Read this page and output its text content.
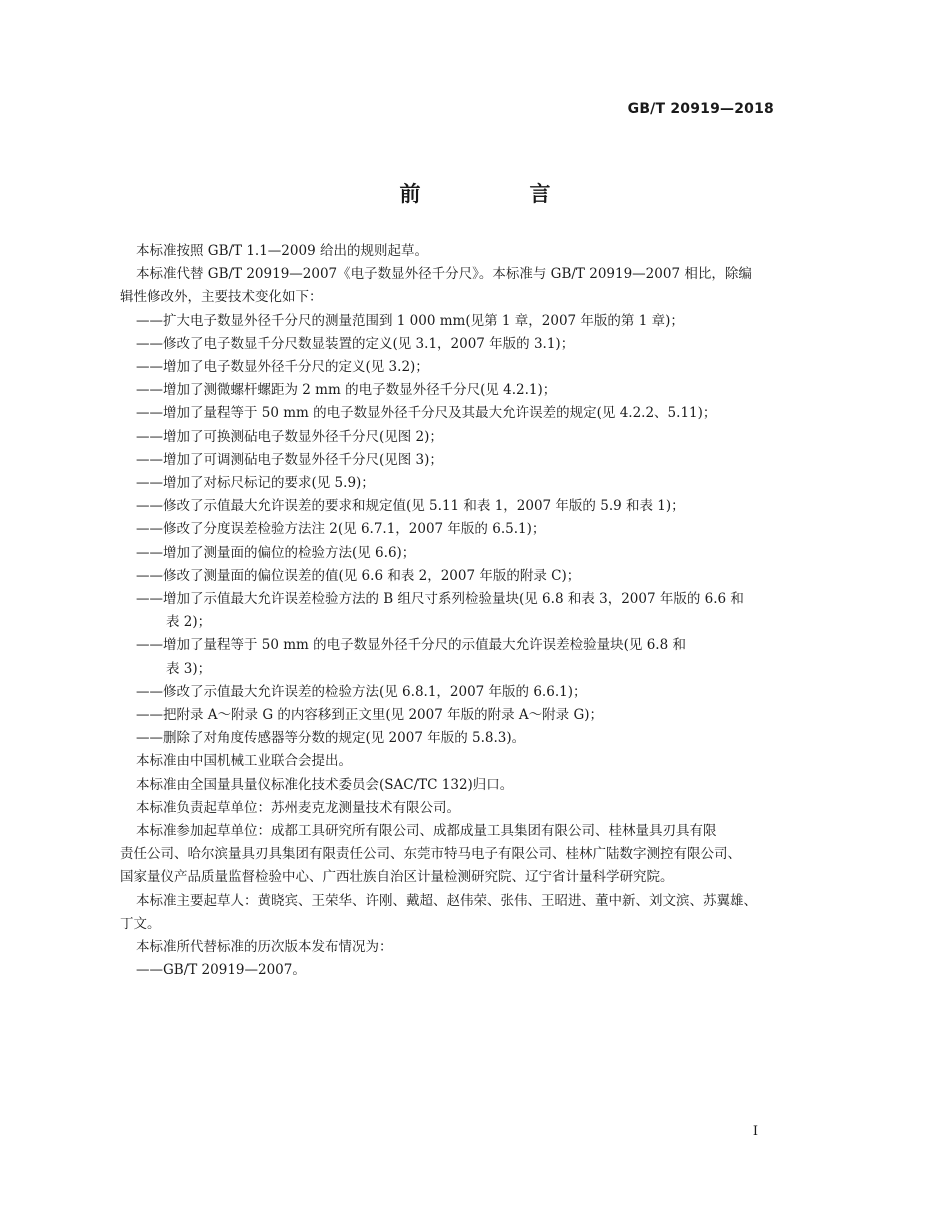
GB/T 20919—2018
前　言

本标准按照 GB/T 1.1—2009 给出的规则起草。

本标准代替 GB/T 20919—2007《电子数显外径千分尺》。本标准与 GB/T 20919—2007 相比，除编

辑性修改外，主要技术变化如下：

——扩大电子数显外径千分尺的测量范围到 1 000 mm(见第 1 章，2007 年版的第 1 章)；

——修改了电子数显千分尺数显装置的定义(见 3.1，2007 年版的 3.1)；

——增加了电子数显外径千分尺的定义(见 3.2)；

——增加了测微螺杆螺距为 2 mm 的电子数显外径千分尺(见 4.2.1)；

——增加了量程等于 50 mm 的电子数显外径千分尺及其最大允许误差的规定(见 4.2.2、5.11)；

——增加了可换测砧电子数显外径千分尺(见图 2)；

——增加了可调测砧电子数显外径千分尺(见图 3)；

——增加了对标尺标记的要求(见 5.9)；

——修改了示值最大允许误差的要求和规定值(见 5.11 和表 1，2007 年版的 5.9 和表 1)；

——修改了分度误差检验方法注 2(见 6.7.1，2007 年版的 6.5.1)；

——增加了测量面的偏位的检验方法(见 6.6)；

——修改了测量面的偏位误差的值(见 6.6 和表 2，2007 年版的附录 C)；

——增加了示值最大允许误差检验方法的 B 组尺寸系列检验量块(见 6.8 和表 3，2007 年版的 6.6 和

表 2)；

——增加了量程等于 50 mm 的电子数显外径千分尺的示值最大允许误差检验量块(见 6.8 和

表 3)；

——修改了示值最大允许误差的检验方法(见 6.8.1，2007 年版的 6.6.1)；

——把附录 A～附录 G 的内容移到正文里(见 2007 年版的附录 A～附录 G)；

——删除了对角度传感器等分数的规定(见 2007 年版的 5.8.3)。

本标准由中国机械工业联合会提出。

本标准由全国量具量仪标准化技术委员会(SAC/TC 132)归口。

本标准负责起草单位：苏州麦克龙测量技术有限公司。

本标准参加起草单位：成都工具研究所有限公司、成都成量工具集团有限公司、桂林量具刃具有限

责任公司、哈尔滨量具刃具集团有限责任公司、东莞市特马电子有限公司、桂林广陆数字测控有限公司、

国家量仪产品质量监督检验中心、广西壮族自治区计量检测研究院、辽宁省计量科学研究院。

本标准主要起草人：黄晓宾、王荣华、许刚、戴超、赵伟荣、张伟、王昭进、董中新、刘文滨、苏翼雄、

丁文。

本标准所代替标准的历次版本发布情况为：

——GB/T 20919—2007。

I
